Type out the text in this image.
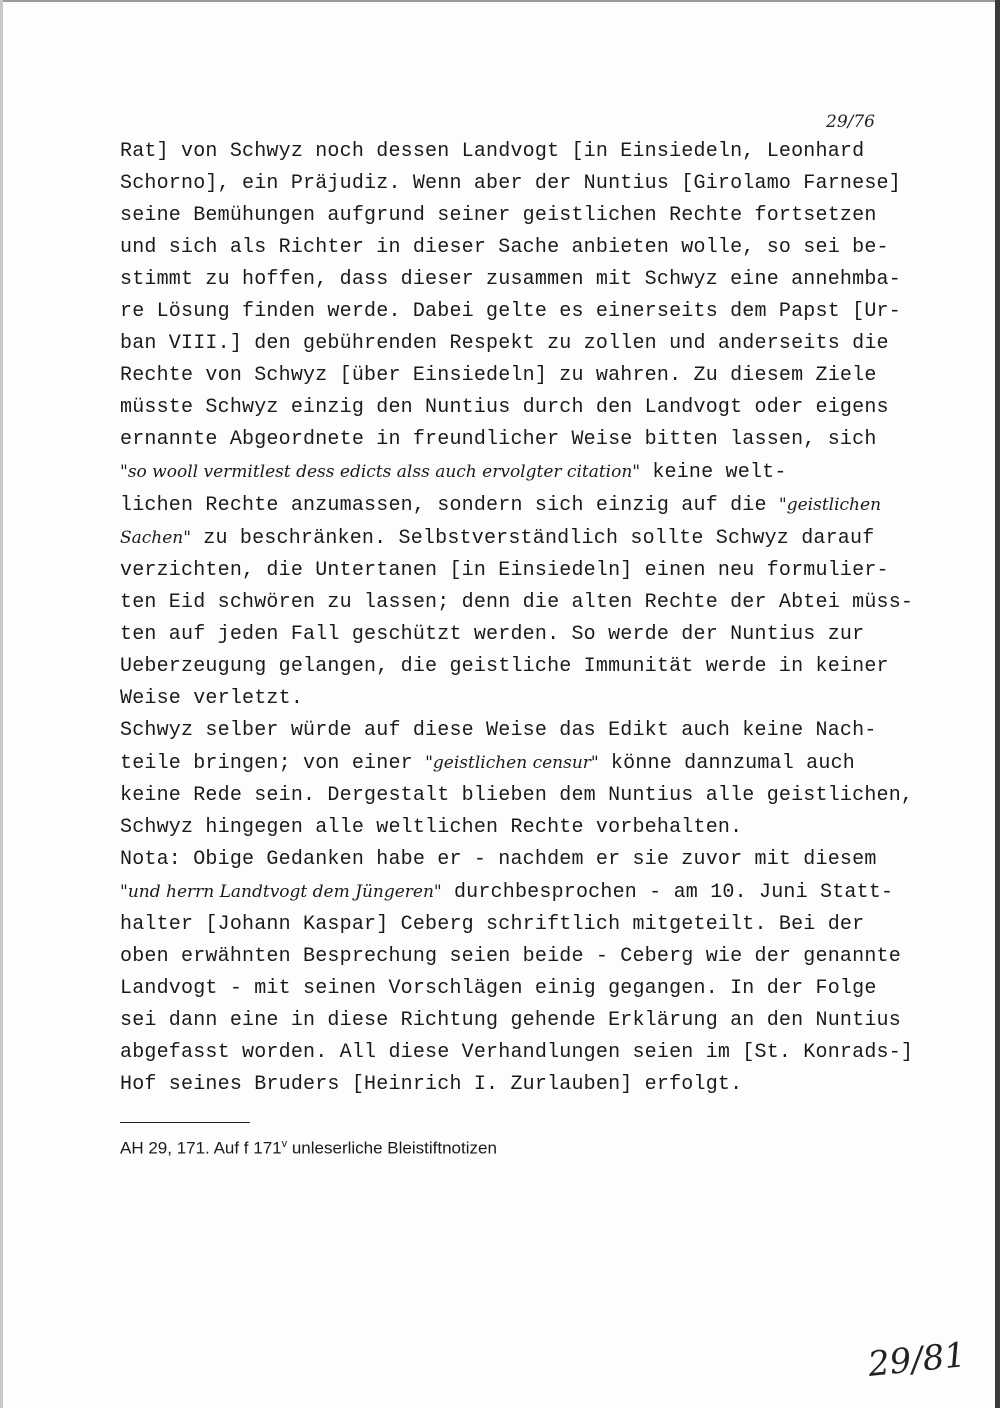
29/76
Rat] von Schwyz noch dessen Landvogt [in Einsiedeln, Leonhard
Schorno], ein Präjudiz. Wenn aber der Nuntius [Girolamo Farnese]
seine Bemühungen aufgrund seiner geistlichen Rechte fortsetzen
und sich als Richter in dieser Sache anbieten wolle, so sei be-
stimmt zu hoffen, dass dieser zusammen mit Schwyz eine annehmba-
re Lösung finden werde. Dabei gelte es einerseits dem Papst [Ur-
ban VIII.] den gebührenden Respekt zu zollen und anderseits die
Rechte von Schwyz [über Einsiedeln] zu wahren. Zu diesem Ziele
müsste Schwyz einzig den Nuntius durch den Landvogt oder eigens
ernannte Abgeordnete in freundlicher Weise bitten lassen, sich
"so wooll vermitlest dess edicts alss auch ervolgter citation" keine welt-
lichen Rechte anzumassen, sondern sich einzig auf die "geistlichen
Sachen" zu beschränken. Selbstverständlich sollte Schwyz darauf
verzichten, die Untertanen [in Einsiedeln] einen neu formulier-
ten Eid schwören zu lassen; denn die alten Rechte der Abtei müss-
ten auf jeden Fall geschützt werden. So werde der Nuntius zur
Ueberzeugung gelangen, die geistliche Immunität werde in keiner
Weise verletzt.
Schwyz selber würde auf diese Weise das Edikt auch keine Nach-
teile bringen; von einer "geistlichen censur" könne dannzumal auch
keine Rede sein. Dergestalt blieben dem Nuntius alle geistlichen,
Schwyz hingegen alle weltlichen Rechte vorbehalten.
Nota: Obige Gedanken habe er - nachdem er sie zuvor mit diesem
"und herrn Landtvogt dem Jüngeren" durchbesprochen - am 10. Juni Statt-
halter [Johann Kaspar] Ceberg schriftlich mitgeteilt. Bei der
oben erwähnten Besprechung seien beide - Ceberg wie der genannte
Landvogt - mit seinen Vorschlägen einig gegangen. In der Folge
sei dann eine in diese Richtung gehende Erklärung an den Nuntius
abgefasst worden. All diese Verhandlungen seien im [St. Konrads-]
Hof seines Bruders [Heinrich I. Zurlauben] erfolgt.
AH 29, 171. Auf f 171$^v$ unleserliche Bleistiftnotizen
29/81
